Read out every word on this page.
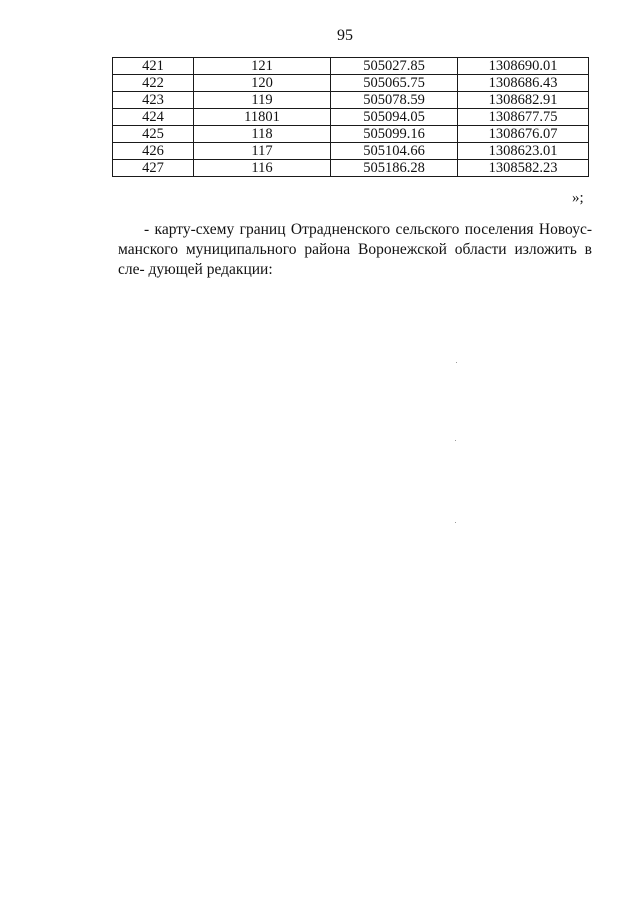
95
421	121	505027.85	1308690.01
422	120	505065.75	1308686.43
423	119	505078.59	1308682.91
424	11801	505094.05	1308677.75
425	118	505099.16	1308676.07
426	117	505104.66	1308623.01
427	116	505186.28	1308582.23
»;
- карту-схему границ Отрадненского сельского поселения Новоус- манского муниципального района Воронежской области изложить в сле- дующей редакции:
